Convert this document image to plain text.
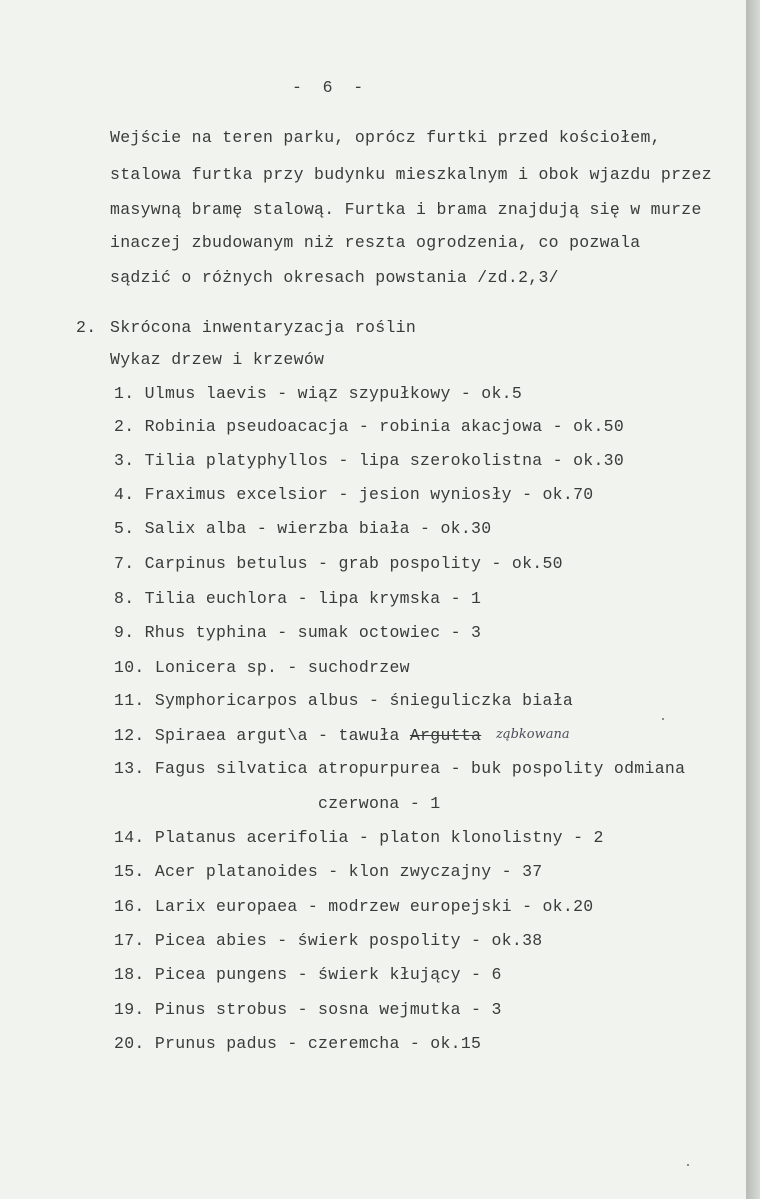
-  6  -
Wejście na teren parku, oprócz furtki przed kościołem,
stalowa furtka przy budynku mieszkalnym i obok wjazdu przez
masywną bramę stalową. Furtka i brama znajdują się w murze
inaczej zbudowanym niż reszta ogrodzenia, co pozwala
sądzić o różnych okresach powstania /zd.2,3/
2. Skrócona inwentaryzacja roślin
Wykaz drzew i krzewów
1. Ulmus laevis - wiąz szypułkowy - ok.5
2. Robinia pseudoacacja - robinia akacjowa - ok.50
3. Tilia platyphyllos - lipa szerokolistna - ok.30
4. Fraximus excelsior - jesion wyniosły - ok.70
5. Salix alba - wierzba biała - ok.30
7. Carpinus betulus - grab pospolity - ok.50
8. Tilia euchlora - lipa krymska - 1
9. Rhus typhina - sumak octowiec - 3
10. Lonicera sp. - suchodrzew
11. Symphoricarpos albus - śnieguliczka biała
12. Spiraea argut\a - tawuła Argutta ząbkowana
13. Fagus silvatica atropurpurea - buk pospolity odmiana
czerwona - 1
14. Platanus acerifolia - platon klonolistny - 2
15. Acer platanoides - klon zwyczajny - 37
16. Larix europaea - modrzew europejski - ok.20
17. Picea abies - świerk pospolity - ok.38
18. Picea pungens - świerk kłujący - 6
19. Pinus strobus - sosna wejmutka - 3
20. Prunus padus - czeremcha - ok.15
